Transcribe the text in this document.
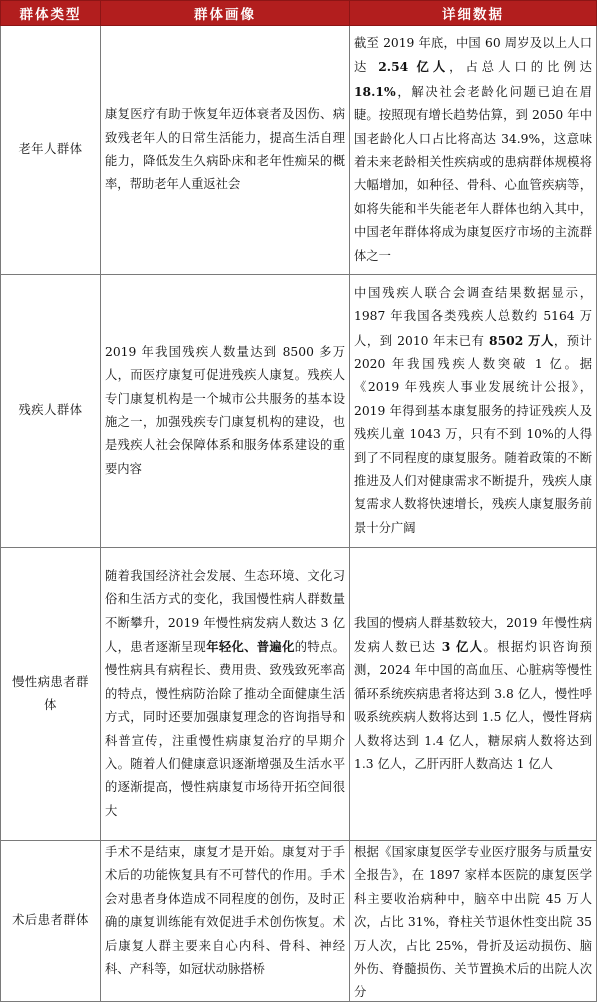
群体类型	群体画像	详细数据
老年人群体	康复医疗有助于恢复年迈体衰者及因伤、病致残老年人的日常生活能力，提高生活自理能力，降低发生久病卧床和老年性痴呆的概率，帮助老年人重返社会	截至 2019 年底，中国 60 周岁及以上人口达 2.54 亿人，占总人口的比例达 18.1%，解决社会老龄化问题已迫在眉睫。按照现有增长趋势估算，到 2050 年中国老龄化人口占比将高达 34.9%，这意味着未来老龄相关性疾病或的患病群体规模将大幅增加，如种径、骨科、心血管疾病等，如将失能和半失能老年人群体也纳入其中，中国老年群体将成为康复医疗市场的主流群体之一
残疾人群体	2019 年我国残疾人数量达到 8500 多万人，而医疗康复可促进残疾人康复。残疾人专门康复机构是一个城市公共服务的基本设施之一，加强残疾专门康复机构的建设，也是残疾人社会保障体系和服务体系建设的重要内容	中国残疾人联合会调查结果数据显示，1987 年我国各类残疾人总数约 5164 万人，到 2010 年末已有 8502 万人，预计 2020 年我国残疾人数突破 1 亿。据《2019 年残疾人事业发展统计公报》，2019 年得到基本康复服务的持证残疾人及残疾儿童 1043 万，只有不到 10%的人得到了不同程度的康复服务。随着政策的不断推进及人们对健康需求不断提升，残疾人康复需求人数将快速增长，残疾人康复服务前景十分广阔
慢性病患者群体	随着我国经济社会发展、生态环境、文化习俗和生活方式的变化，我国慢性病人群数量不断攀升，2019 年慢性病发病人数达 3 亿人，患者逐渐呈现年轻化、普遍化的特点。慢性病具有病程长、费用贵、致残致死率高的特点，慢性病防治除了推动全面健康生活方式，同时还要加强康复理念的咨询指导和科普宣传，注重慢性病康复治疗的早期介入。随着人们健康意识逐渐增强及生活水平的逐渐提高，慢性病康复市场待开拓空间很大	我国的慢病人群基数较大，2019 年慢性病发病人数已达 3 亿人。根据灼识咨询预测，2024 年中国的高血压、心脏病等慢性循环系统疾病患者将达到 3.8 亿人，慢性呼吸系统疾病人数将达到 1.5 亿人，慢性肾病人数将达到 1.4 亿人，糖尿病人数将达到 1.3 亿人，乙肝丙肝人数高达 1 亿人
术后患者群体	手术不是结束，康复才是开始。康复对于手术后的功能恢复具有不可替代的作用。手术会对患者身体造成不同程度的创伤，及时正确的康复训练能有效促进手术创伤恢复。术后康复人群主要来自心内科、骨科、神经科、产科等，如冠状动脉搭桥	根据《国家康复医学专业医疗服务与质量安全报告》，在 1897 家样本医院的康复医学科主要收治病种中，脑卒中出院 45 万人次，占比 31%，脊柱关节退休性变出院 35 万人次，占比 25%，骨折及运动损伤、脑外伤、脊髓损伤、关节置换术后的出院人次分
